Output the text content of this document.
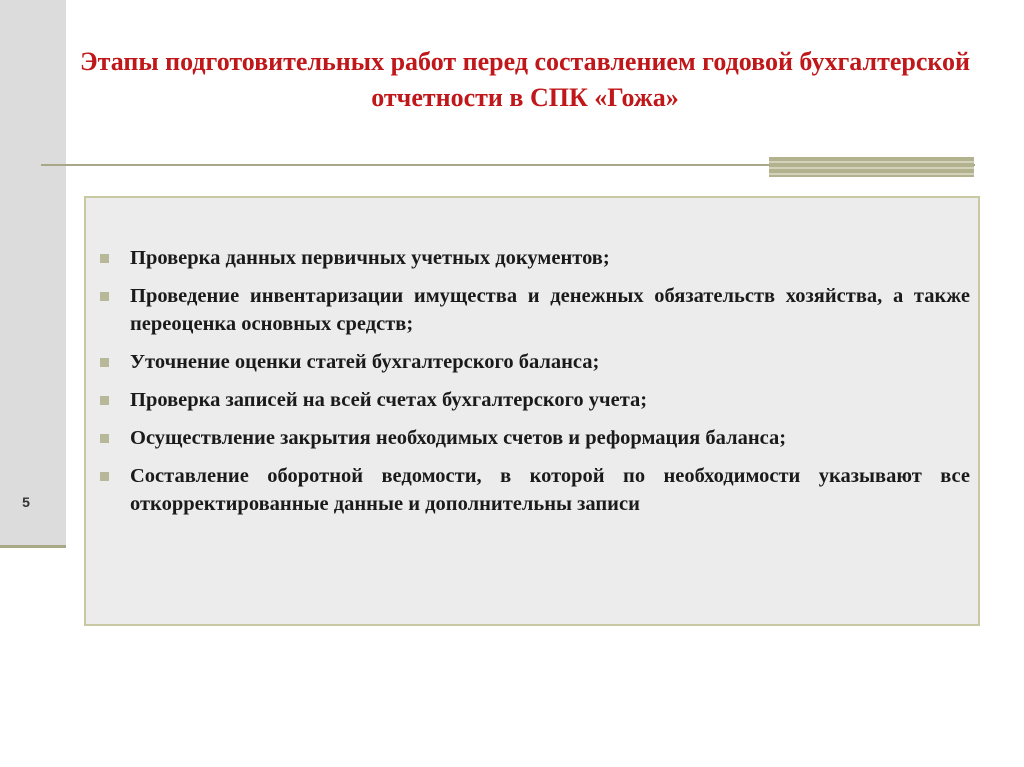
5
Этапы подготовительных работ перед составлением годовой бухгалтерской отчетности в СПК «Гожа»
Проверка данных первичных учетных документов;
Проведение инвентаризации имущества и денежных обязательств хозяйства, а также переоценка основных средств;
Уточнение оценки статей бухгалтерского баланса;
Проверка записей на всей счетах бухгалтерского учета;
Осуществление закрытия необходимых счетов и реформация баланса;
Составление оборотной ведомости, в которой по необходимости указывают все откорректированные данные и дополнительны записи
